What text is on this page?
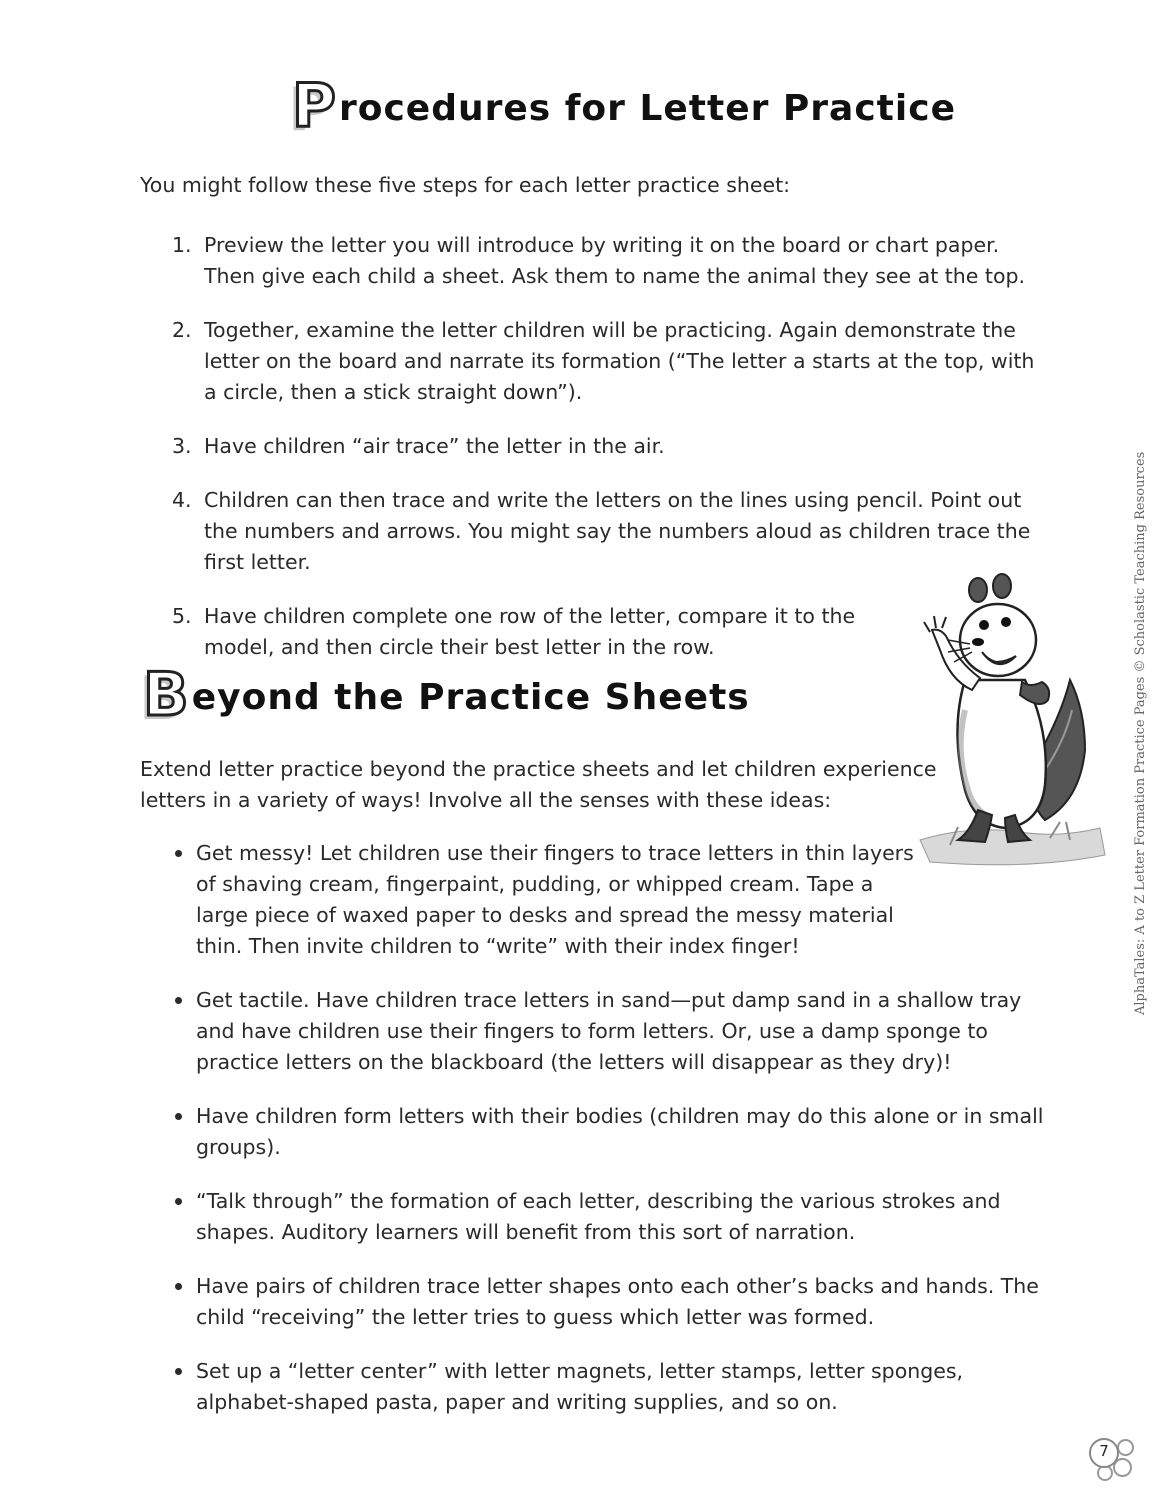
Procedures for Letter Practice

You might follow these five steps for each letter practice sheet:

1. Preview the letter you will introduce by writing it on the board or chart paper. Then give each child a sheet. Ask them to name the animal they see at the top.
2. Together, examine the letter children will be practicing. Again demonstrate the letter on the board and narrate its formation (“The letter a starts at the top, with a circle, then a stick straight down”).
3. Have children “air trace” the letter in the air.
4. Children can then trace and write the letters on the lines using pencil. Point out the numbers and arrows. You might say the numbers aloud as children trace the first letter.
5. Have children complete one row of the letter, compare it to the model, and then circle their best letter in the row.
Beyond the Practice Sheets

Extend letter practice beyond the practice sheets and let children experience letters in a variety of ways! Involve all the senses with these ideas:

Get messy! Let children use their fingers to trace letters in thin layers of shaving cream, fingerpaint, pudding, or whipped cream. Tape a large piece of waxed paper to desks and spread the messy material thin. Then invite children to “write” with their index finger!
Get tactile. Have children trace letters in sand—put damp sand in a shallow tray and have children use their fingers to form letters. Or, use a damp sponge to practice letters on the blackboard (the letters will disappear as they dry)!
Have children form letters with their bodies (children may do this alone or in small groups).
“Talk through” the formation of each letter, describing the various strokes and shapes. Auditory learners will benefit from this sort of narration.
Have pairs of children trace letter shapes onto each other’s backs and hands. The child “receiving” the letter tries to guess which letter was formed.
Set up a “letter center” with letter magnets, letter stamps, letter sponges, alphabet-shaped pasta, paper and writing supplies, and so on.
AlphaTales: A to Z Letter Formation Practice Pages © Scholastic Teaching Resources
7
